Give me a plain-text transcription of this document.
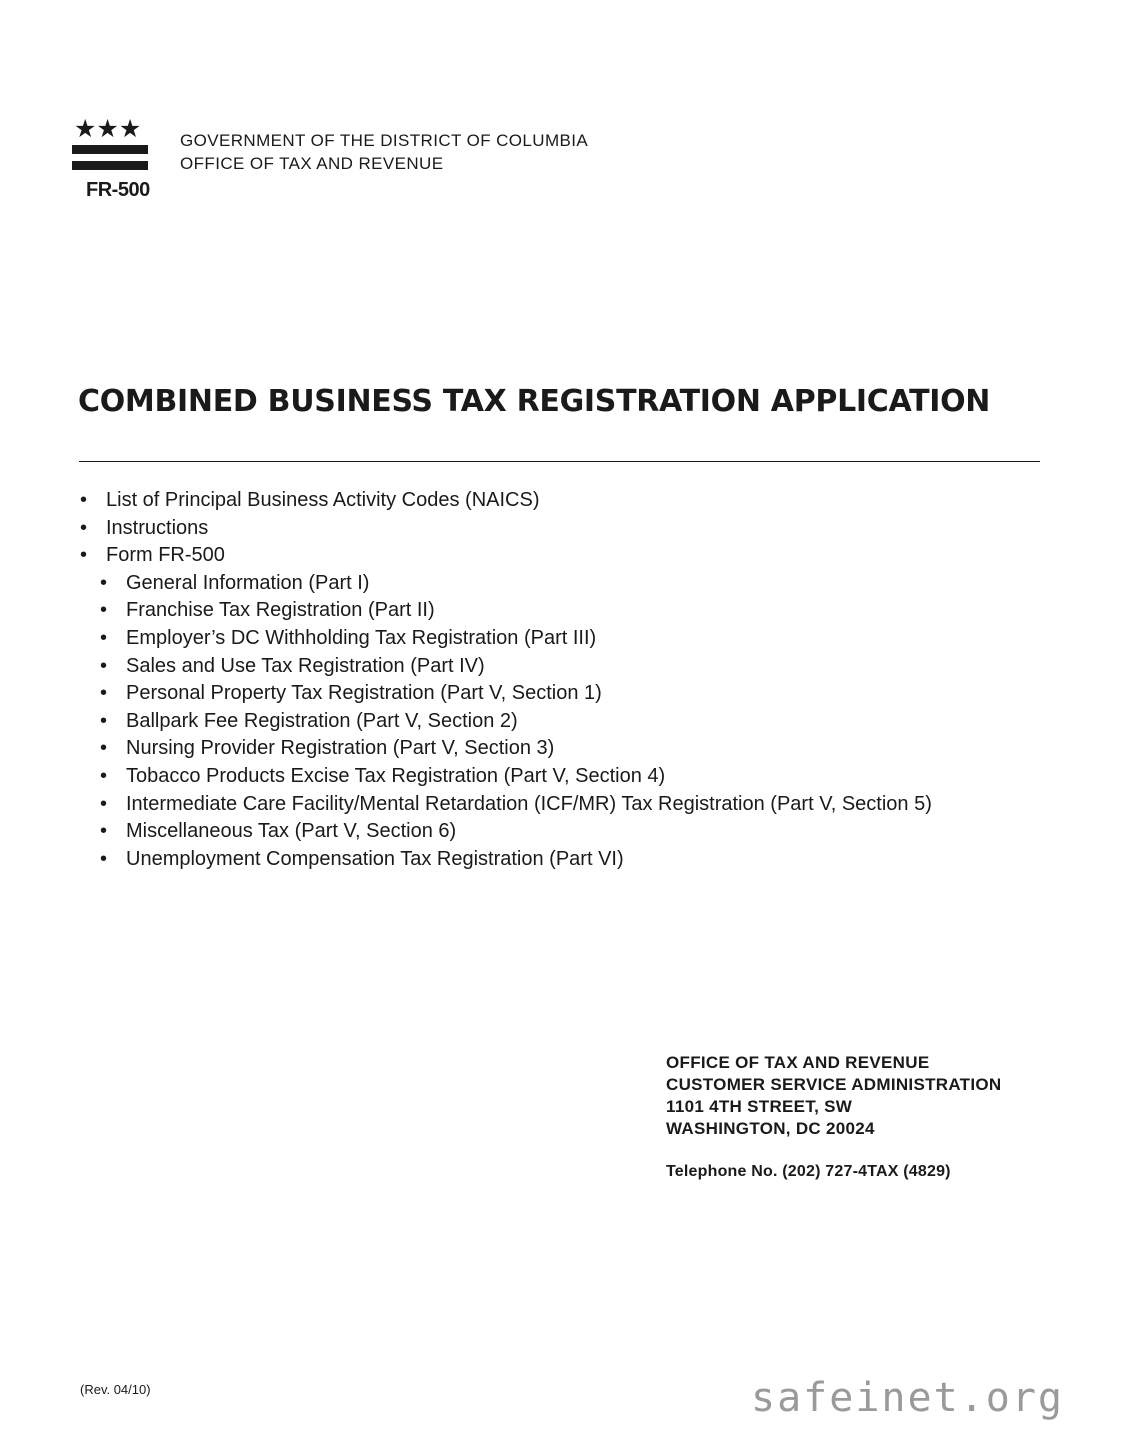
★★★
FR-500
GOVERNMENT OF THE DISTRICT OF COLUMBIA
OFFICE OF TAX AND REVENUE
COMBINED BUSINESS TAX REGISTRATION APPLICATION
• List of Principal Business Activity Codes (NAICS)
• Instructions
• Form FR-500
• General Information (Part I)
• Franchise Tax Registration (Part II)
• Employer’s DC Withholding Tax Registration (Part III)
• Sales and Use Tax Registration (Part IV)
• Personal Property Tax Registration (Part V, Section 1)
• Ballpark Fee Registration (Part V, Section 2)
• Nursing Provider Registration (Part V, Section 3)
• Tobacco Products Excise Tax Registration (Part V, Section 4)
• Intermediate Care Facility/Mental Retardation (ICF/MR) Tax Registration (Part V, Section 5)
• Miscellaneous Tax (Part V, Section 6)
• Unemployment Compensation Tax Registration (Part VI)
OFFICE OF TAX AND REVENUE
CUSTOMER SERVICE ADMINISTRATION
1101 4TH STREET, SW
WASHINGTON, DC 20024
Telephone No. (202) 727-4TAX (4829)
(Rev. 04/10)	safeinet.org
